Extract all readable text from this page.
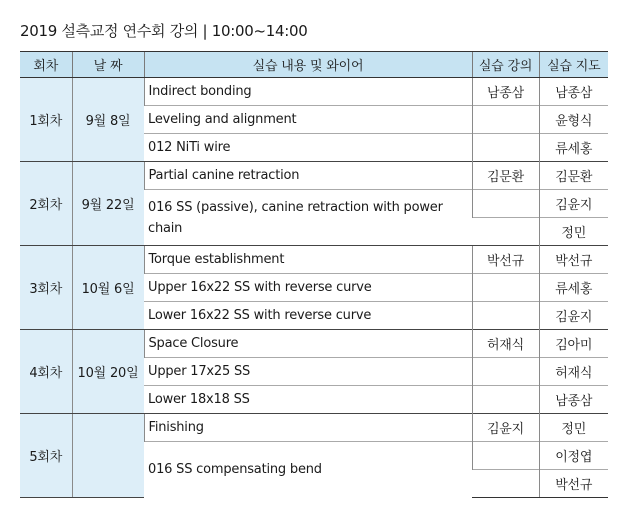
2019 설측교정 연수회 강의 | 10:00~14:00
회차	날 짜	실습 내용 및 와이어	실습 강의	실습 지도
1회차	9월 8일	Indirect bonding	남종삼	남종삼
		Leveling and alignment		윤형식
		012 NiTi wire		류세홍
2회차	9월 22일	Partial canine retraction	김문환	김문환
		016 SS (passive), canine retraction with power chain		김윤지
				정민
3회차	10월 6일	Torque establishment	박선규	박선규
		Upper 16x22 SS with reverse curve		류세홍
		Lower 16x22 SS with reverse curve		김윤지
4회차	10월 20일	Space Closure	허재식	김아미
		Upper 17x25 SS		허재식
		Lower 18x18 SS		남종삼
5회차		Finishing	김윤지	정민
		016 SS compensating bend		이정엽
				박선규
